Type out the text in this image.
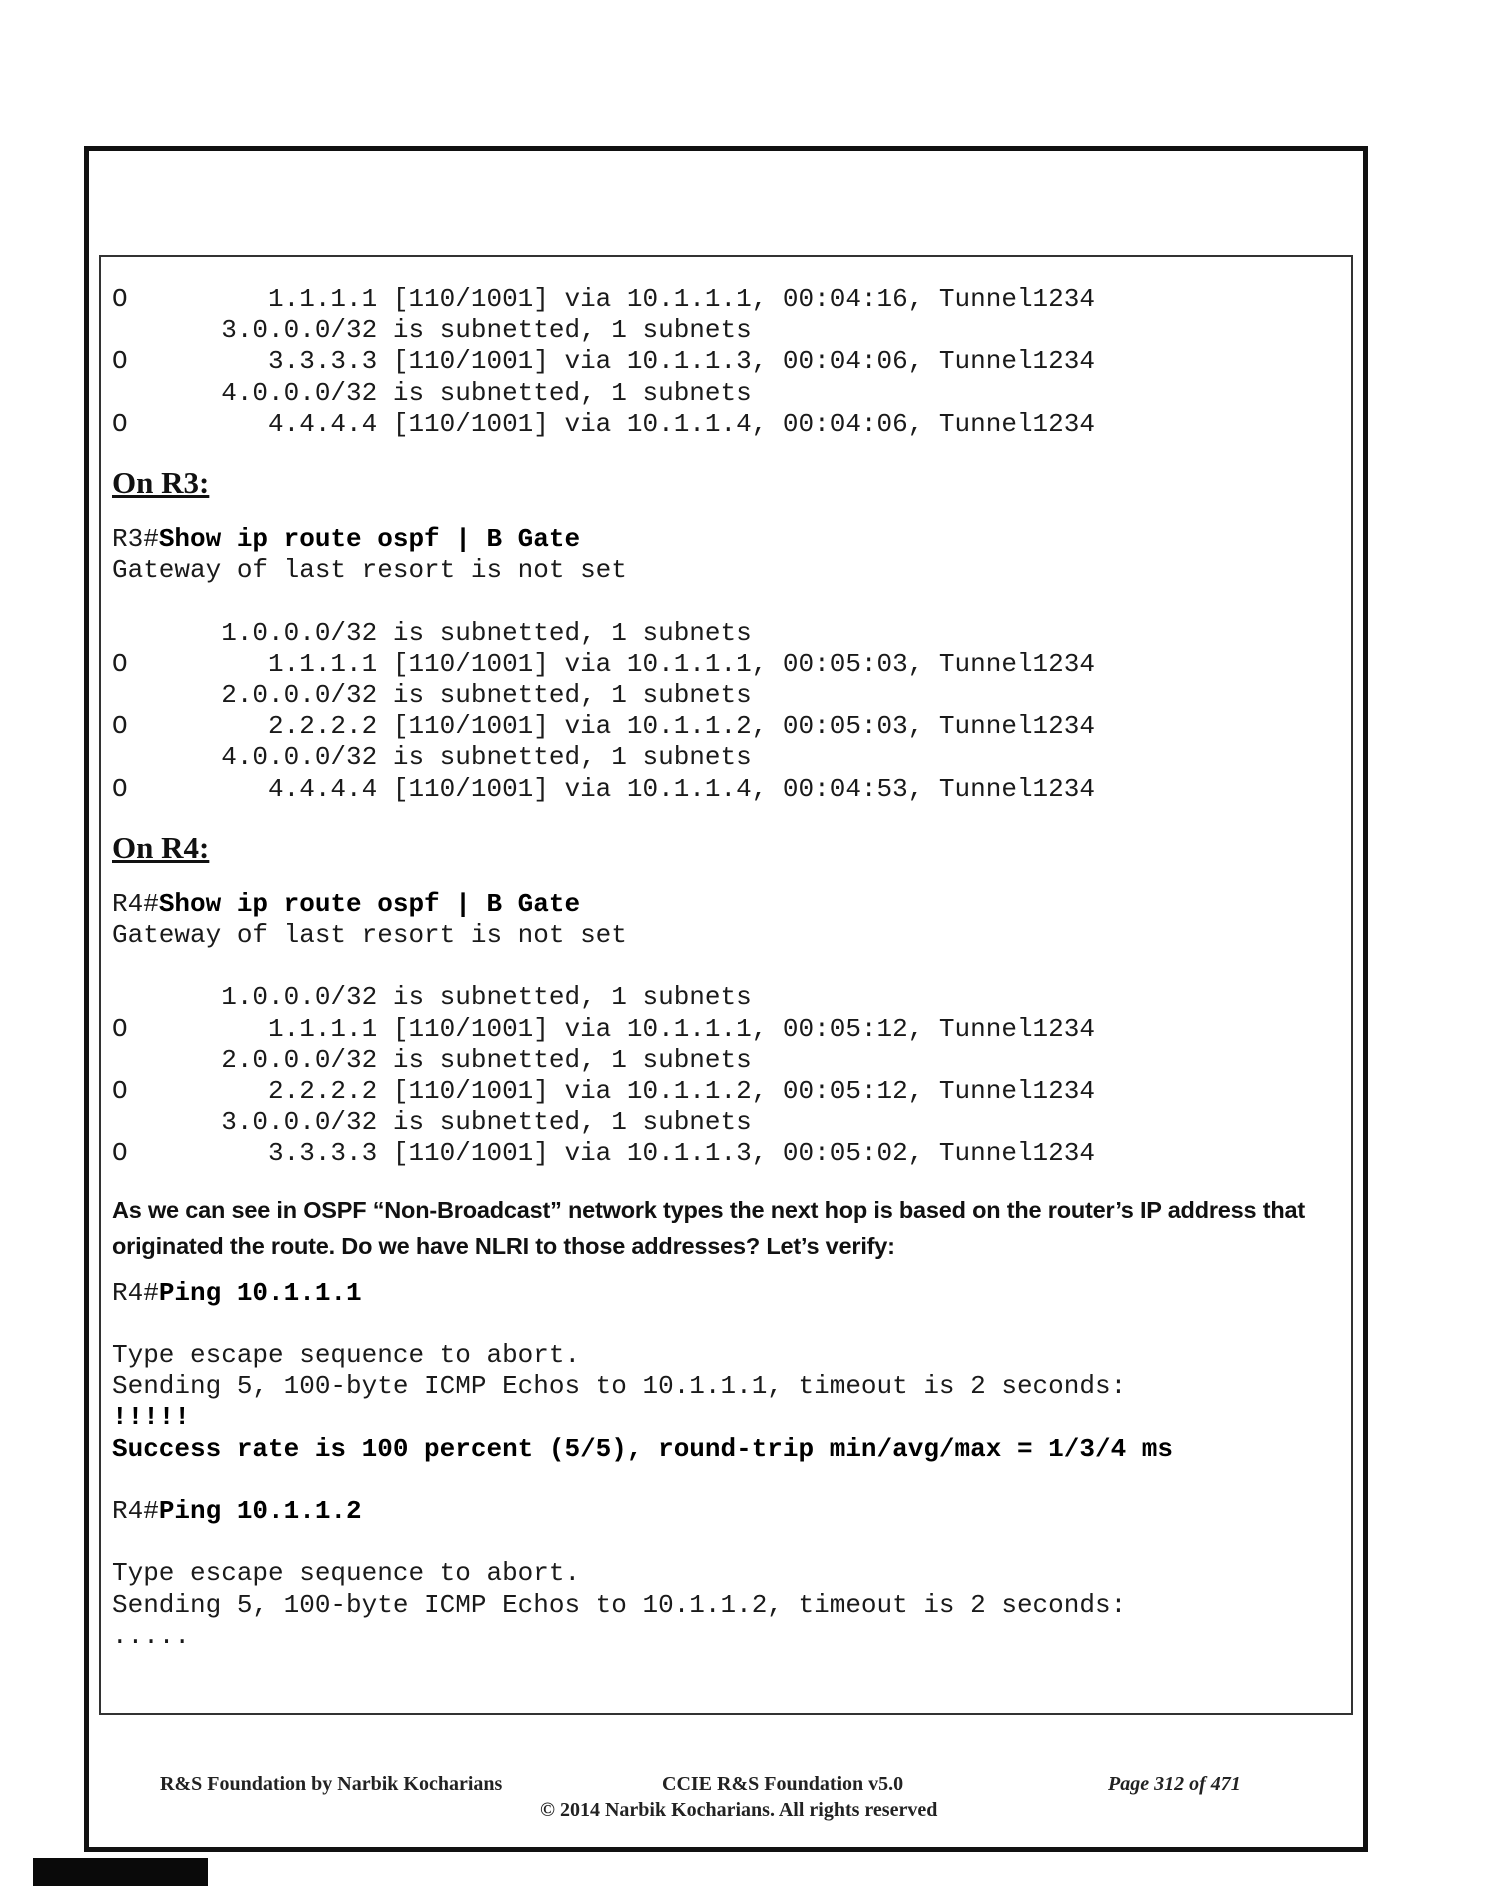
O         1.1.1.1 [110/1001] via 10.1.1.1, 00:04:16, Tunnel1234
3.0.0.0/32 is subnetted, 1 subnets
O         3.3.3.3 [110/1001] via 10.1.1.3, 00:04:06, Tunnel1234
4.0.0.0/32 is subnetted, 1 subnets
O         4.4.4.4 [110/1001] via 10.1.1.4, 00:04:06, Tunnel1234
On R3:
R3#Show ip route ospf | B Gate
Gateway of last resort is not set
1.0.0.0/32 is subnetted, 1 subnets
O         1.1.1.1 [110/1001] via 10.1.1.1, 00:05:03, Tunnel1234
2.0.0.0/32 is subnetted, 1 subnets
O         2.2.2.2 [110/1001] via 10.1.1.2, 00:05:03, Tunnel1234
4.0.0.0/32 is subnetted, 1 subnets
O         4.4.4.4 [110/1001] via 10.1.1.4, 00:04:53, Tunnel1234
On R4:
R4#Show ip route ospf | B Gate
Gateway of last resort is not set
1.0.0.0/32 is subnetted, 1 subnets
O         1.1.1.1 [110/1001] via 10.1.1.1, 00:05:12, Tunnel1234
2.0.0.0/32 is subnetted, 1 subnets
O         2.2.2.2 [110/1001] via 10.1.1.2, 00:05:12, Tunnel1234
3.0.0.0/32 is subnetted, 1 subnets
O         3.3.3.3 [110/1001] via 10.1.1.3, 00:05:02, Tunnel1234
As we can see in OSPF “Non-Broadcast” network types the next hop is based on the router’s IP address that originated the route. Do we have NLRI to those addresses? Let’s verify:
R4#Ping 10.1.1.1
Type escape sequence to abort.
Sending 5, 100-byte ICMP Echos to 10.1.1.1, timeout is 2 seconds:
!!!!!
Success rate is 100 percent (5/5), round-trip min/avg/max = 1/3/4 ms
R4#Ping 10.1.1.2
Type escape sequence to abort.
Sending 5, 100-byte ICMP Echos to 10.1.1.2, timeout is 2 seconds:
.....
R&S Foundation by Narbik Kocharians	CCIE R&S Foundation v5.0	Page 312 of 471
© 2014 Narbik Kocharians. All rights reserved
